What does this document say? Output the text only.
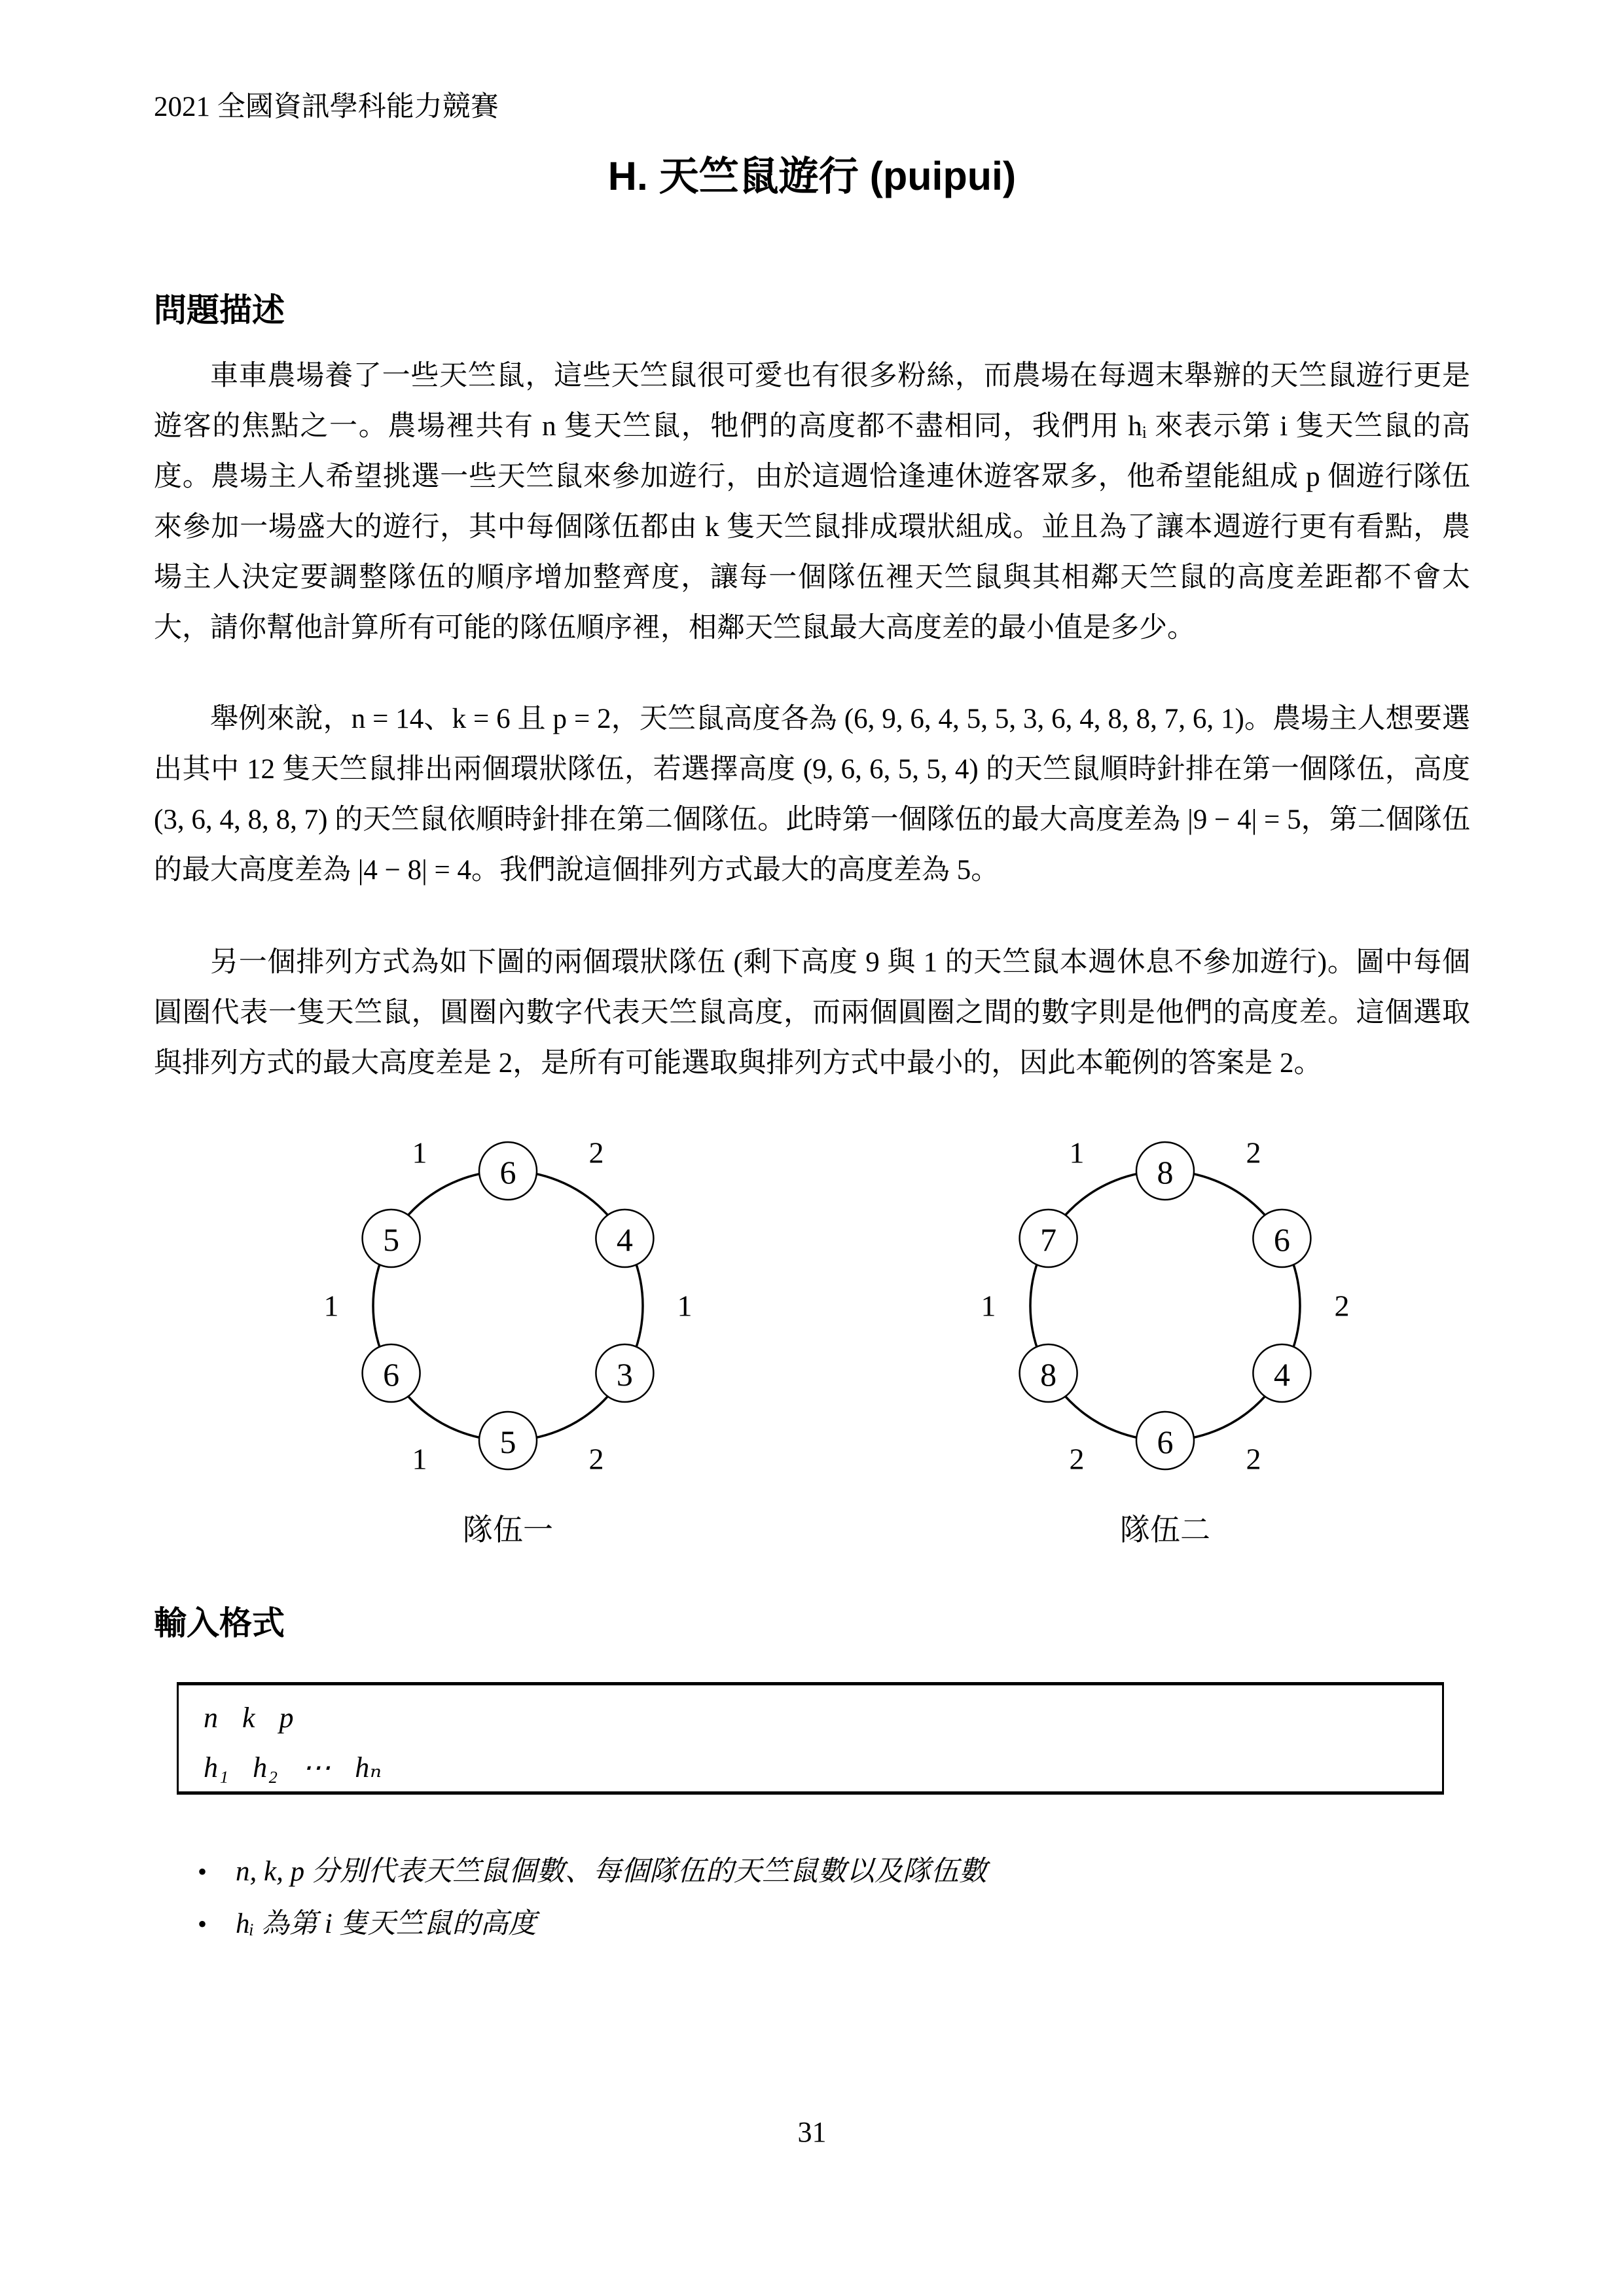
2021 全國資訊學科能力競賽
H. 天竺鼠遊行 (puipui)
問題描述
車車農場養了一些天竺鼠，這些天竺鼠很可愛也有很多粉絲，而農場在每週末舉辦的天竺鼠遊行更是遊客的焦點之一。農場裡共有 n 隻天竺鼠，牠們的高度都不盡相同，我們用 hᵢ 來表示第 i 隻天竺鼠的高度。農場主人希望挑選一些天竺鼠來參加遊行，由於這週恰逢連休遊客眾多，他希望能組成 p 個遊行隊伍來參加一場盛大的遊行，其中每個隊伍都由 k 隻天竺鼠排成環狀組成。並且為了讓本週遊行更有看點，農場主人決定要調整隊伍的順序增加整齊度，讓每一個隊伍裡天竺鼠與其相鄰天竺鼠的高度差距都不會太大，請你幫他計算所有可能的隊伍順序裡，相鄰天竺鼠最大高度差的最小值是多少。
舉例來說，n = 14、k = 6 且 p = 2，天竺鼠高度各為 (6, 9, 6, 4, 5, 5, 3, 6, 4, 8, 8, 7, 6, 1)。農場主人想要選出其中 12 隻天竺鼠排出兩個環狀隊伍，若選擇高度 (9, 6, 6, 5, 5, 4) 的天竺鼠順時針排在第一個隊伍，高度 (3, 6, 4, 8, 8, 7) 的天竺鼠依順時針排在第二個隊伍。此時第一個隊伍的最大高度差為 |9 − 4| = 5，第二個隊伍的最大高度差為 |4 − 8| = 4。我們說這個排列方式最大的高度差為 5。
另一個排列方式為如下圖的兩個環狀隊伍 (剩下高度 9 與 1 的天竺鼠本週休息不參加遊行)。圖中每個圓圈代表一隻天竺鼠，圓圈內數字代表天竺鼠高度，而兩個圓圈之間的數字則是他們的高度差。這個選取與排列方式的最大高度差是 2，是所有可能選取與排列方式中最小的，因此本範例的答案是 2。
2
1
2
1
1
1
6
4
3
5
6
5
隊伍一
2
2
2
2
1
1
8
6
4
6
8
7
隊伍二
輸入格式
n k p
h₁ h₂ ⋯ hₙ
• n, k, p 分別代表天竺鼠個數、每個隊伍的天竺鼠數以及隊伍數
• hᵢ 為第 i 隻天竺鼠的高度
31
